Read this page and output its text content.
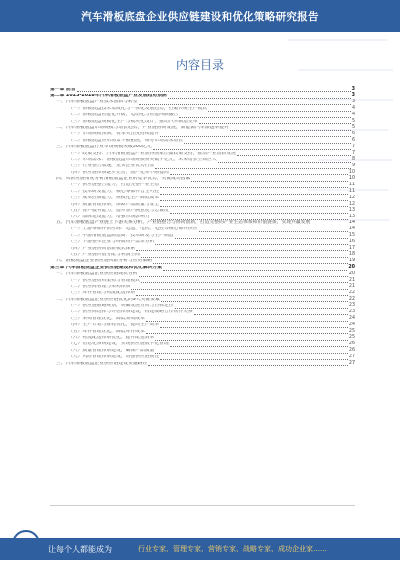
汽车滑板底盘企业供应链建设和优化策略研究报告
内容目录
第一章 前言	3
第二章 2023-2028年汽车滑板底盘产业发展趋势预测	3
一、汽车滑板底盘产业技术创新与转型	3
（一）滑板底盘技术集成化与一体化发展趋势，打破传统生产模式	4
（二）滑板底盘智能化升级，电动化与智能网联融合	4
（三）滑板底盘规模化生产与模块化设计，推动汽车制造变革	5
二、汽车滑板底盘市场规模与增长趋势，产业链协同发展，新能源汽车渗透率提升	5
（一）市场规模预测，资本关注度持续提升	6
（二）滑板底盘应用场景不断拓展，细分市场需求增长	6
三、汽车滑板底盘行业市场规模突破500亿元	7
（一）政策支持：汽车滑板底盘产业获得国家层面政策支持，推动产业创新发展	7
（二）市场需求：滑板底盘市场规模将突破千亿元，未来增长空间巨大	8
（三）行业整合加速，龙头企业优势凸显	9
（四）供应链体系逐步完善，国产化率不断提高	10
四、从供应链角度分析滑板底盘企业的竞争优势，关键成功因素	10
（一）供应链整合能力，打造完整产业生态	11
（二）技术研发能力，核心零部件自主可控	11
（三）成本控制能力，规模化生产降低成本	12
（四）质量管理体系，保障产品质量与安全	12
（五）客户服务能力，提升客户满意度与忠诚度	13
（六）品牌建设能力，增强市场影响力	13
五、汽车滑板底盘产业链上下游关系分析，产业链整合与协同创新，打造完整的产业生态体系和价值链条，实现共赢发展	14
（一）上游零部件供应商：电池、电机、电控等核心部件供应	14
（二）中游滑板底盘制造商：技术研发与生产制造	15
（三）下游整车企业与终端用户需求分析	16
（四）产业链协同创新模式探索	17
（五）产业链价值分配与利润空间	18
六、滑板底盘企业供应链风险分析与应对策略	19
第三章 汽车滑板底盘企业供应链建设和优化解决方案	20
一、汽车滑板底盘企业供应链现状分析	20
（一）供应链组织架构与管理模式	21
（二）供应商管理与采购体系	21
（三）库存管理与物流配送体系	22
二、汽车滑板底盘企业供应链优化的9大关键要素	22
（一）供应链战略规划，明确发展方向与目标定位	23
（二）供应商选择与评估体系建设，构建战略合作伙伴关系	23
（三）采购管理优化，降低采购成本	24
（四）生产计划与排程优化，提高生产效率	24
（五）库存管理优化，降低库存成本	25
（六）物流配送体系优化，提升配送效率	25
（七）信息化系统建设，实现供应链数字化管理	26
（八）质量管理体系建设，确保产品质量	26
（九）风险管理体系建设，增强供应链韧性	27
三、汽车滑板底盘企业供应链建设实施路径	27
让每个人都能成为	行业专家、管理专家、营销专家、战略专家、成功企业家……
